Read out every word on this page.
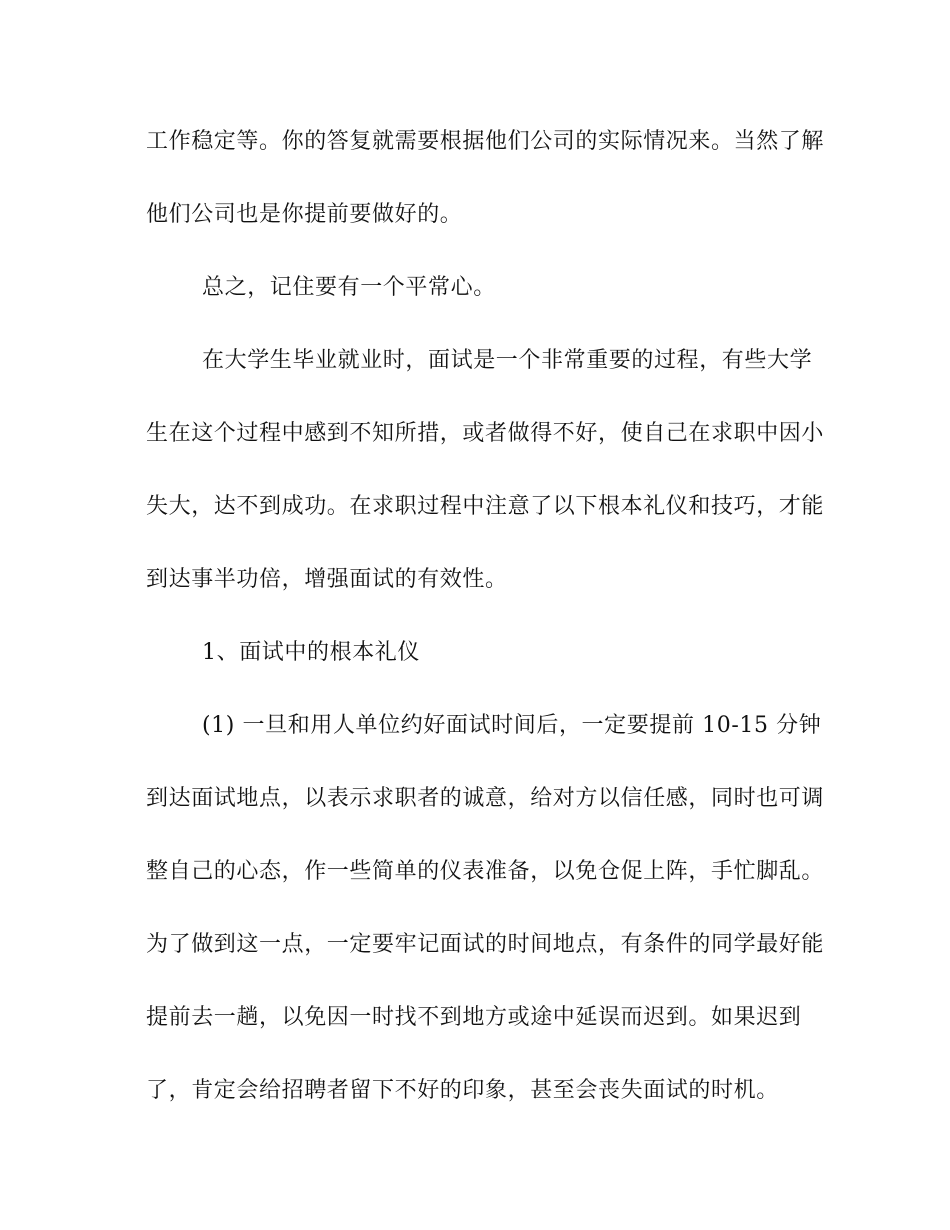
工作稳定等。你的答复就需要根据他们公司的实际情况来。当然了解
他们公司也是你提前要做好的。
总之，记住要有一个平常心。
在大学生毕业就业时，面试是一个非常重要的过程，有些大学
生在这个过程中感到不知所措，或者做得不好，使自己在求职中因小
失大，达不到成功。在求职过程中注意了以下根本礼仪和技巧，才能
到达事半功倍，增强面试的有效性。
1、面试中的根本礼仪
(1) 一旦和用人单位约好面试时间后，一定要提前 10-15 分钟
到达面试地点，以表示求职者的诚意，给对方以信任感，同时也可调
整自己的心态，作一些简单的仪表准备，以免仓促上阵，手忙脚乱。
为了做到这一点，一定要牢记面试的时间地点，有条件的同学最好能
提前去一趟，以免因一时找不到地方或途中延误而迟到。如果迟到
了，肯定会给招聘者留下不好的印象，甚至会丧失面试的时机。
